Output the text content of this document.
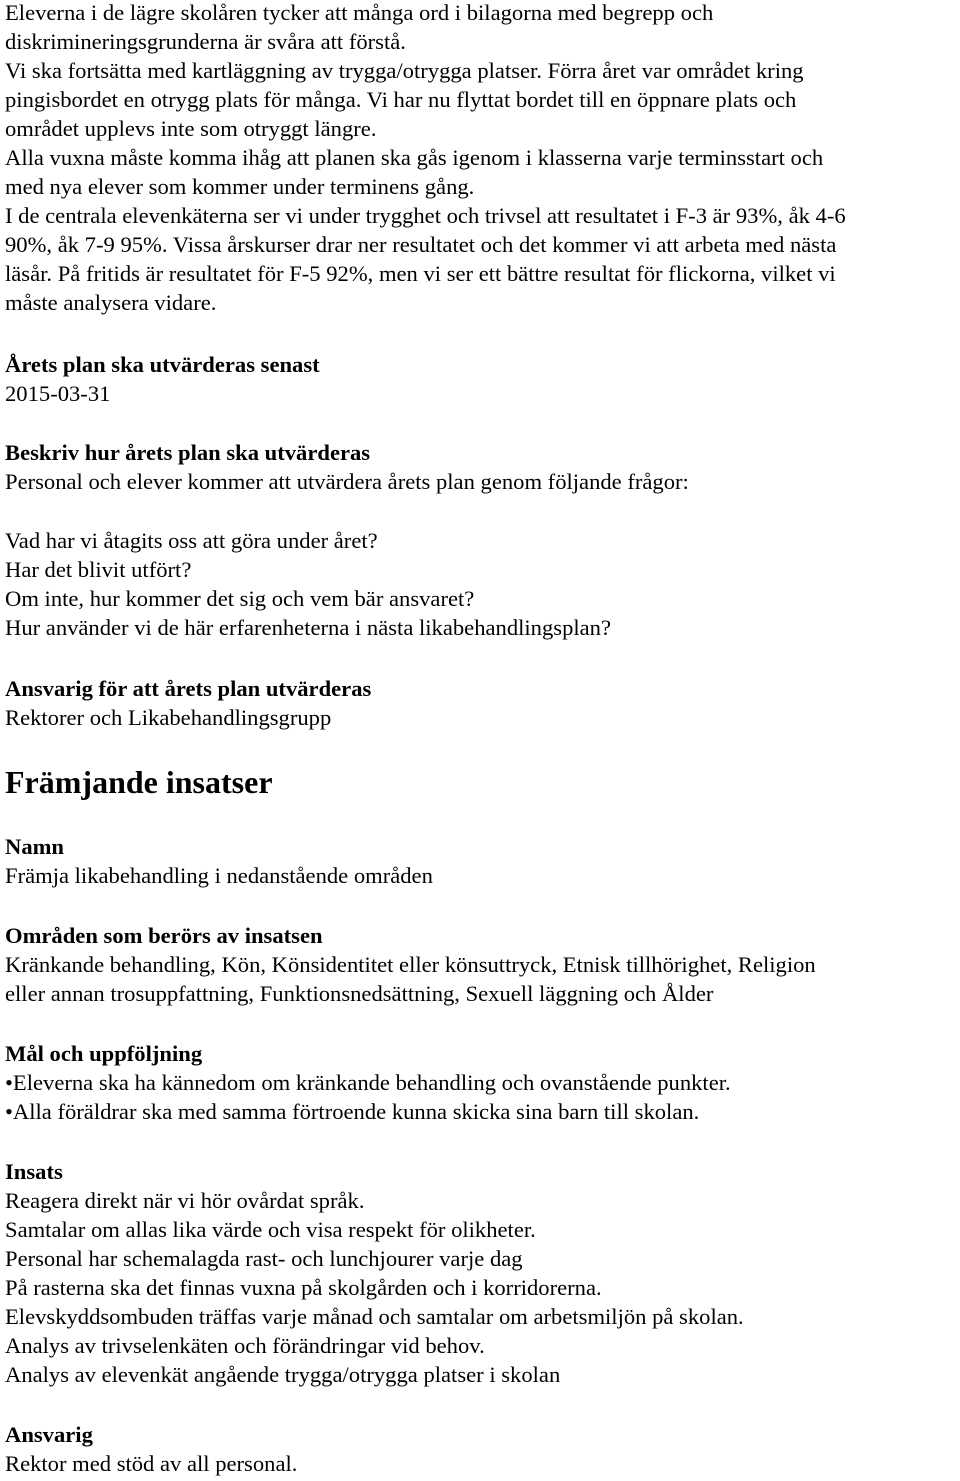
Eleverna i de lägre skolåren tycker att många ord i bilagorna med begrepp och
diskrimineringsgrunderna är svåra att förstå.
Vi ska fortsätta med kartläggning av trygga/otrygga platser. Förra året var området kring
pingisbordet en otrygg plats för många. Vi har nu flyttat bordet till en öppnare plats och
området upplevs inte som otryggt längre.
Alla vuxna måste komma ihåg att planen ska gås igenom i klasserna varje terminsstart och
med nya elever som kommer under terminens gång.
I de centrala elevenkäterna ser vi under trygghet och trivsel att resultatet i F-3 är 93%, åk 4-6
90%, åk 7-9 95%. Vissa årskurser drar ner resultatet och det kommer vi att arbeta med nästa
läsår. På fritids är resultatet för F-5 92%, men vi ser ett bättre resultat för flickorna, vilket vi
måste analysera vidare.
Årets plan ska utvärderas senast
2015-03-31
Beskriv hur årets plan ska utvärderas
Personal och elever kommer att utvärdera årets plan genom följande frågor:
Vad har vi åtagits oss att göra under året?
Har det blivit utfört?
Om inte, hur kommer det sig och vem bär ansvaret?
Hur använder vi de här erfarenheterna i nästa likabehandlingsplan?
Ansvarig för att årets plan utvärderas
Rektorer och Likabehandlingsgrupp
Främjande insatser
Namn
Främja likabehandling i nedanstående områden
Områden som berörs av insatsen
Kränkande behandling, Kön, Könsidentitet eller könsuttryck, Etnisk tillhörighet, Religion
eller annan trosuppfattning, Funktionsnedsättning, Sexuell läggning och Ålder
Mål och uppföljning
•Eleverna ska ha kännedom om kränkande behandling och ovanstående punkter.
•Alla föräldrar ska med samma förtroende kunna skicka sina barn till skolan.
Insats
Reagera direkt när vi hör ovårdat språk.
Samtalar om allas lika värde och visa respekt för olikheter.
Personal har schemalagda rast- och lunchjourer varje dag
På rasterna ska det finnas vuxna på skolgården och i korridorerna.
Elevskyddsombuden träffas varje månad och samtalar om arbetsmiljön på skolan.
Analys av trivselenkäten och förändringar vid behov.
Analys av elevenkät angående trygga/otrygga platser i skolan
Ansvarig
Rektor med stöd av all personal.
